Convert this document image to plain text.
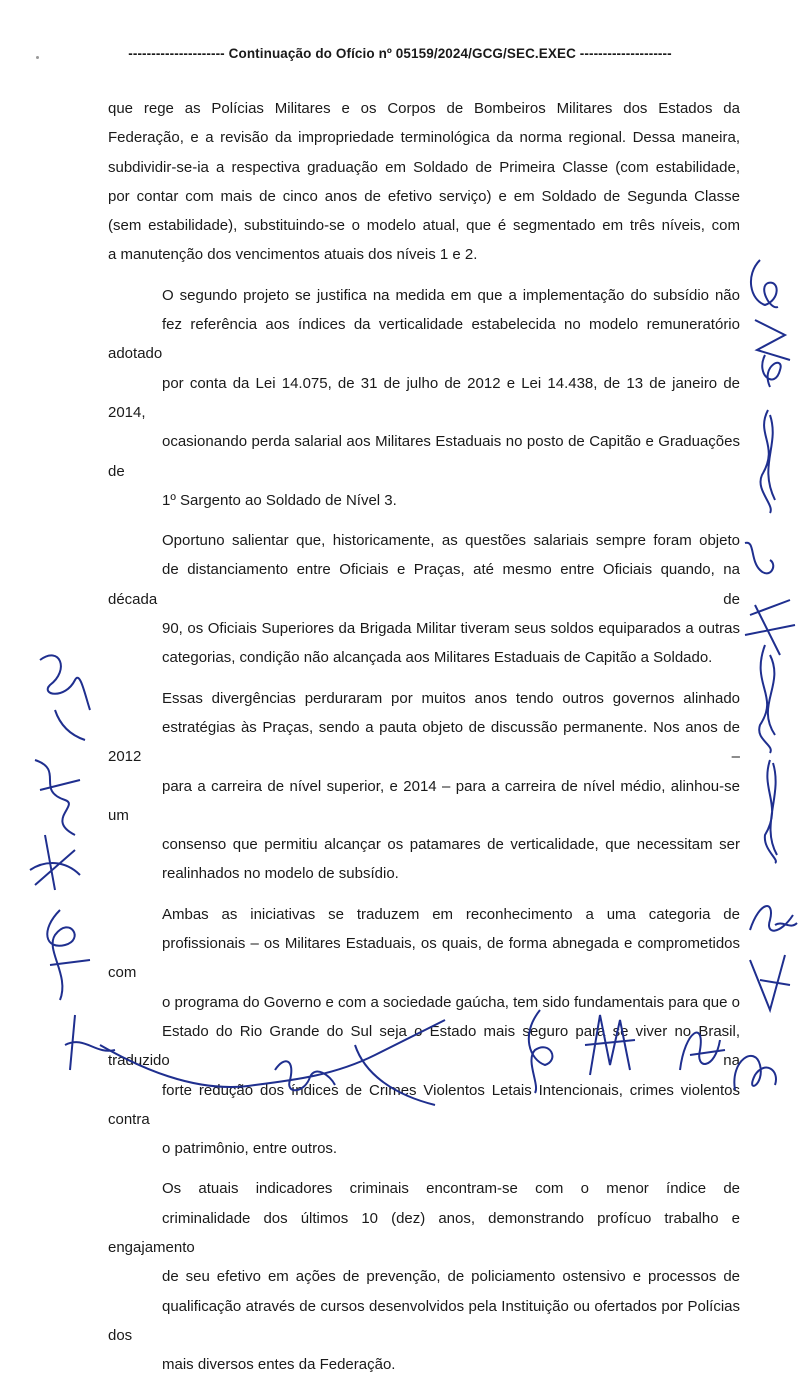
--------------------- Continuação do Ofício nº 05159/2024/GCG/SEC.EXEC --------------------

que rege as Polícias Militares e os Corpos de Bombeiros Militares dos Estados da
Federação, e a revisão da impropriedade terminológica da norma regional. Dessa maneira,
subdividir-se-ia a respectiva graduação em Soldado de Primeira Classe (com estabilidade,
por contar com mais de cinco anos de efetivo serviço) e em Soldado de Segunda Classe
(sem estabilidade), substituindo-se o modelo atual, que é segmentado em três níveis, com
a manutenção dos vencimentos atuais dos níveis 1 e 2.

O segundo projeto se justifica na medida em que a implementação do subsídio não
fez referência aos índices da verticalidade estabelecida no modelo remuneratório adotado
por conta da Lei 14.075, de 31 de julho de 2012 e Lei 14.438, de 13 de janeiro de 2014,
ocasionando perda salarial aos Militares Estaduais no posto de Capitão e Graduações de
1º Sargento ao Soldado de Nível 3.

Oportuno salientar que, historicamente, as questões salariais sempre foram objeto
de distanciamento entre Oficiais e Praças, até mesmo entre Oficiais quando, na década de
90, os Oficiais Superiores da Brigada Militar tiveram seus soldos equiparados a outras
categorias, condição não alcançada aos Militares Estaduais de Capitão a Soldado.

Essas divergências perduraram por muitos anos tendo outros governos alinhado
estratégias às Praças, sendo a pauta objeto de discussão permanente. Nos anos de 2012 –
para a carreira de nível superior, e 2014 – para a carreira de nível médio, alinhou-se um
consenso que permitiu alcançar os patamares de verticalidade, que necessitam ser
realinhados no modelo de subsídio.

Ambas as iniciativas se traduzem em reconhecimento a uma categoria de
profissionais – os Militares Estaduais, os quais, de forma abnegada e comprometidos com
o programa do Governo e com a sociedade gaúcha, tem sido fundamentais para que o
Estado do Rio Grande do Sul seja o Estado mais seguro para se viver no Brasil, traduzido na
forte redução dos índices de Crimes Violentos Letais Intencionais, crimes violentos contra
o patrimônio, entre outros.

Os atuais indicadores criminais encontram-se com o menor índice de
criminalidade dos últimos 10 (dez) anos, demonstrando profícuo trabalho e engajamento
de seu efetivo em ações de prevenção, de policiamento ostensivo e processos de
qualificação através de cursos desenvolvidos pela Instituição ou ofertados por Polícias dos
mais diversos entes da Federação.
